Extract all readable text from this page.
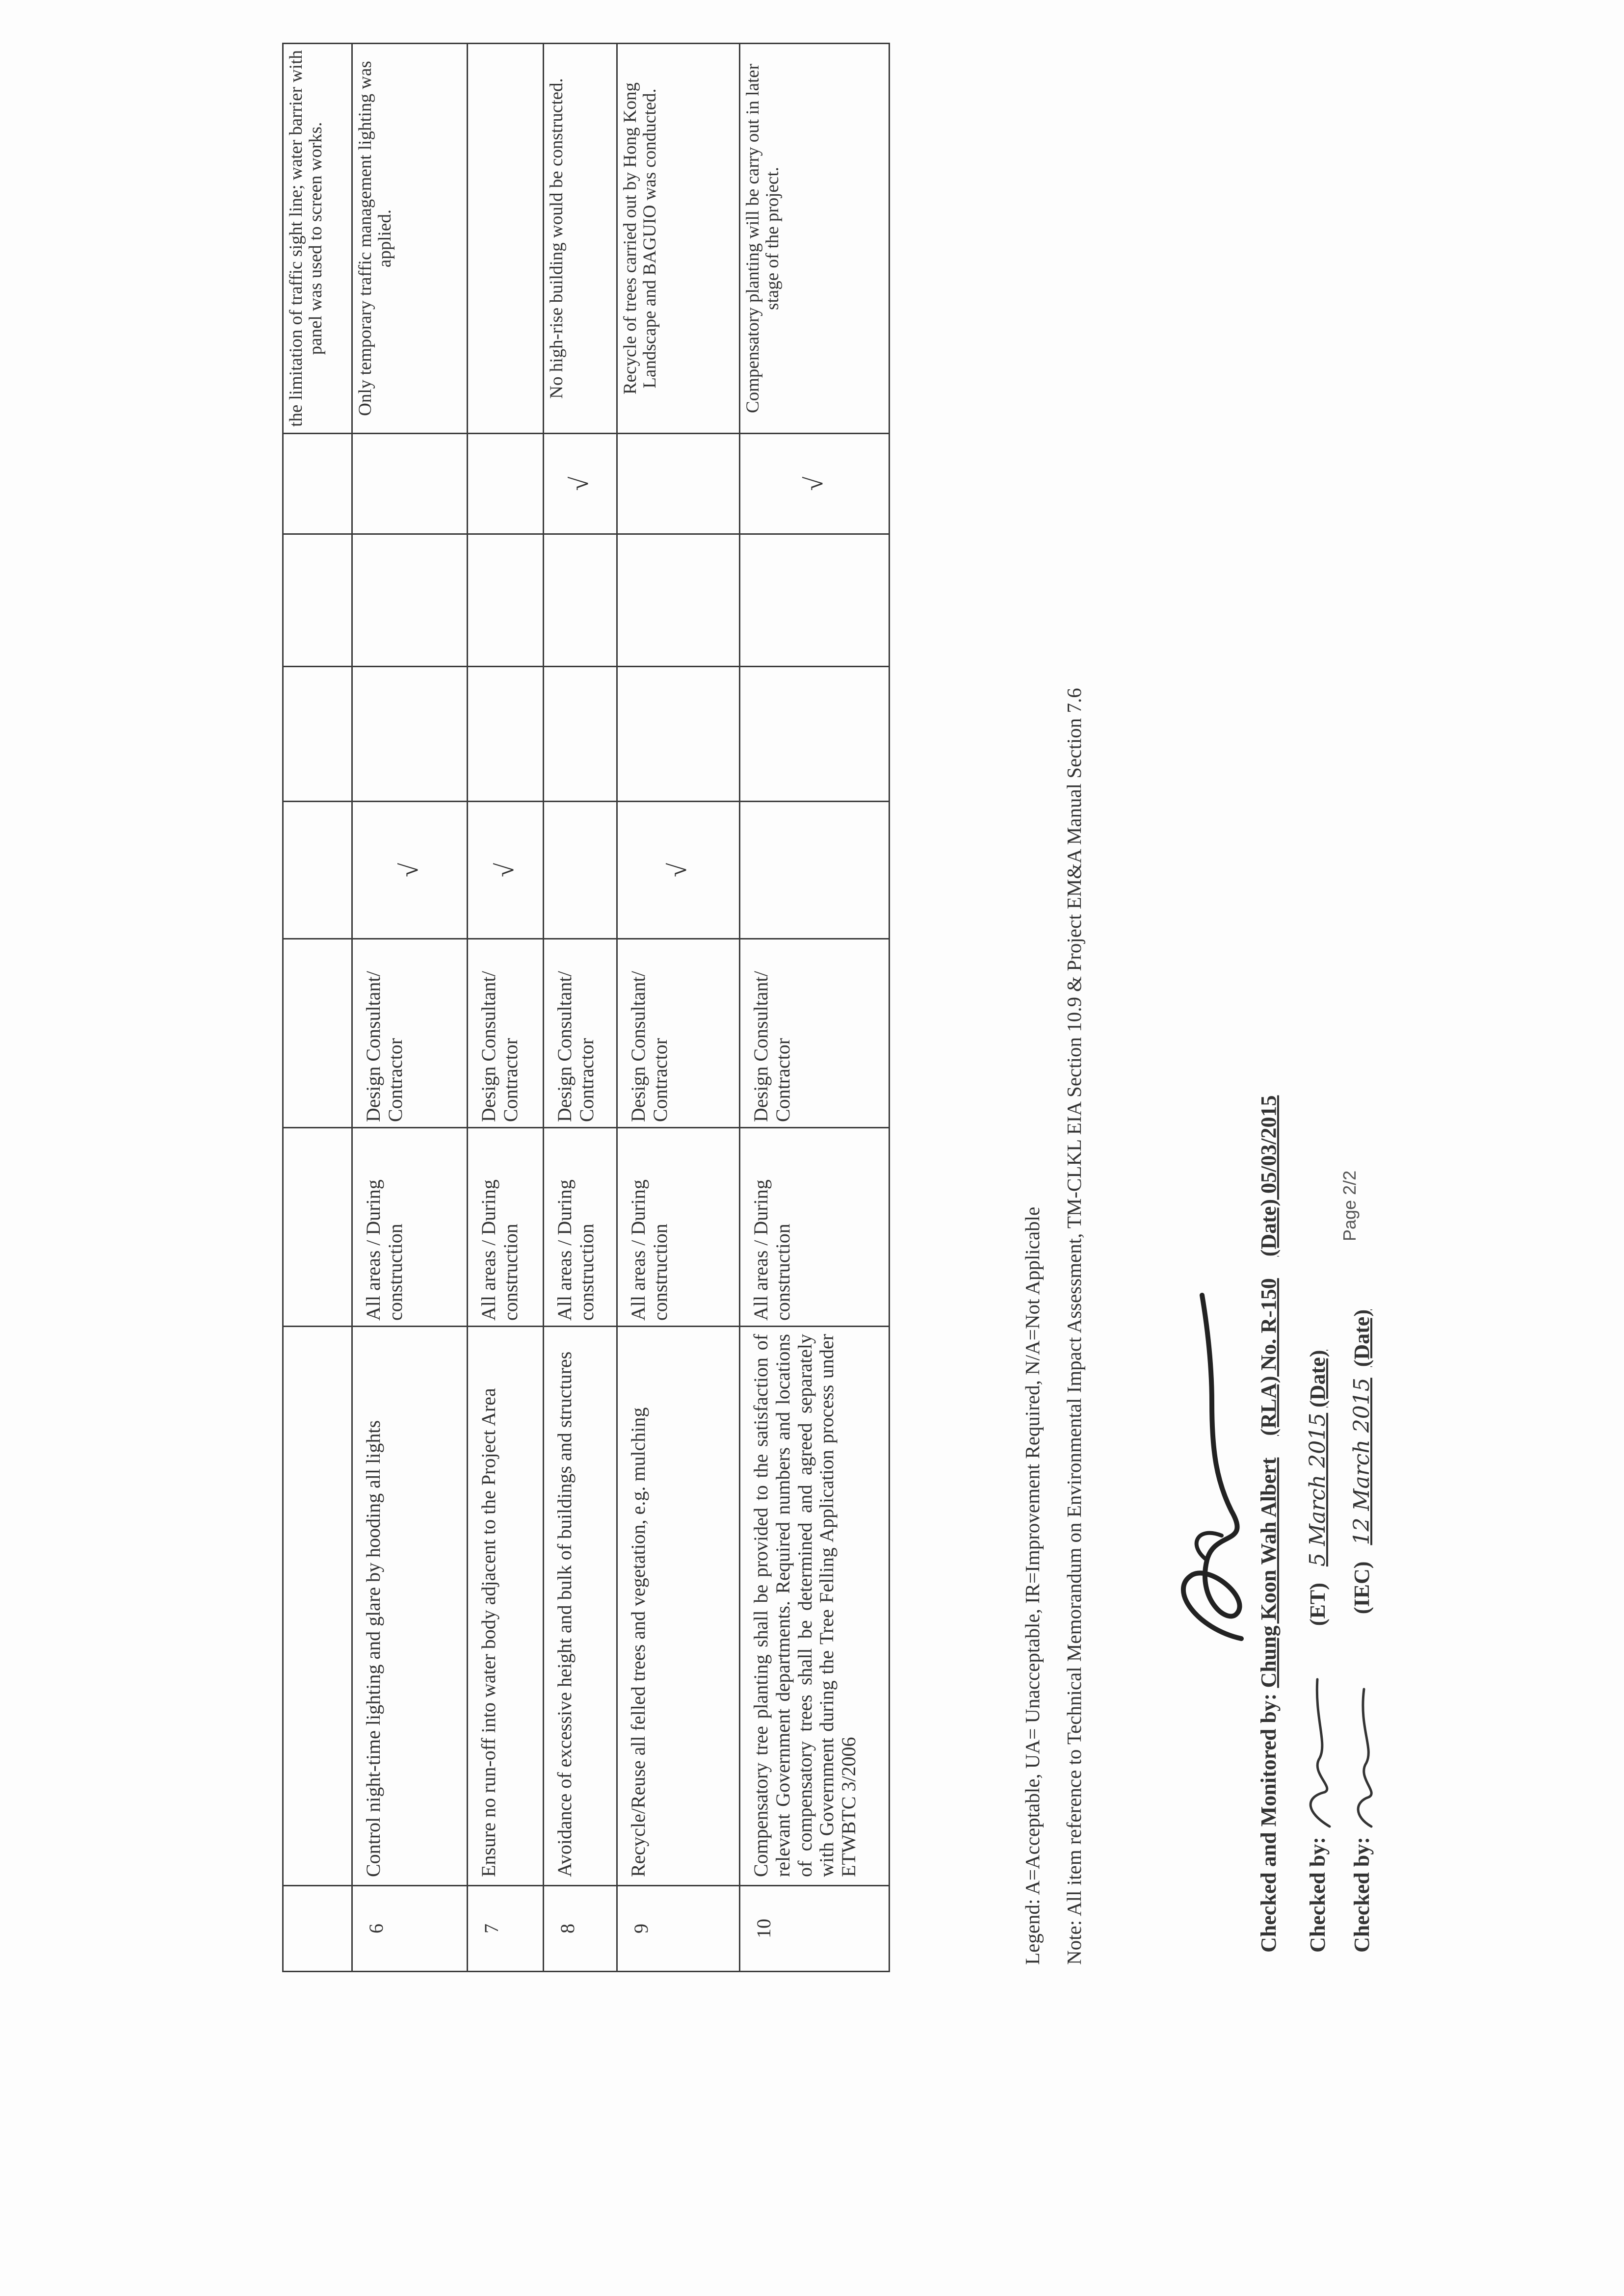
								the limitation of traffic sight line; water barrier with panel was used to screen works.
6	Control night-time lighting and glare by hooding all lights	All areas / During construction	Design Consultant/ Contractor	√				Only temporary traffic management lighting was applied.
7	Ensure no run-off into water body adjacent to the Project Area	All areas / During construction	Design Consultant/ Contractor	√				
8	Avoidance of excessive height and bulk of buildings and structures	All areas / During construction	Design Consultant/ Contractor				√	No high-rise building would be constructed.
9	Recycle/Reuse all felled trees and vegetation, e.g. mulching	All areas / During construction	Design Consultant/ Contractor	√				Recycle of trees carried out by Hong Kong Landscape and BAGUIO was conducted.
10	Compensatory tree planting shall be provided to the satisfaction of relevant Government departments. Required numbers and locations of compensatory trees shall be determined and agreed separately with Government during the Tree Felling Application process under ETWBTC 3/2006	All areas / During construction	Design Consultant/ Contractor				√	Compensatory planting will be carry out in later stage of the project.
Legend: A=Acceptable, UA= Unacceptable, IR=Improvement Required, N/A=Not Applicable Note: All item reference to Technical Memorandum on Environmental Impact Assessment, TM-CLKL EIA Section 10.9 & Project EM&A Manual Section 7.6	Checked and Monitored by: Chung Koon Wah Albert    (RLA) No. R-150    (Date) 05/03/2015
Checked by:          (ET)   5 March 2015 (Date)
Checked by:              (IEC)   12 March 2015  (Date)
Page 2/2
